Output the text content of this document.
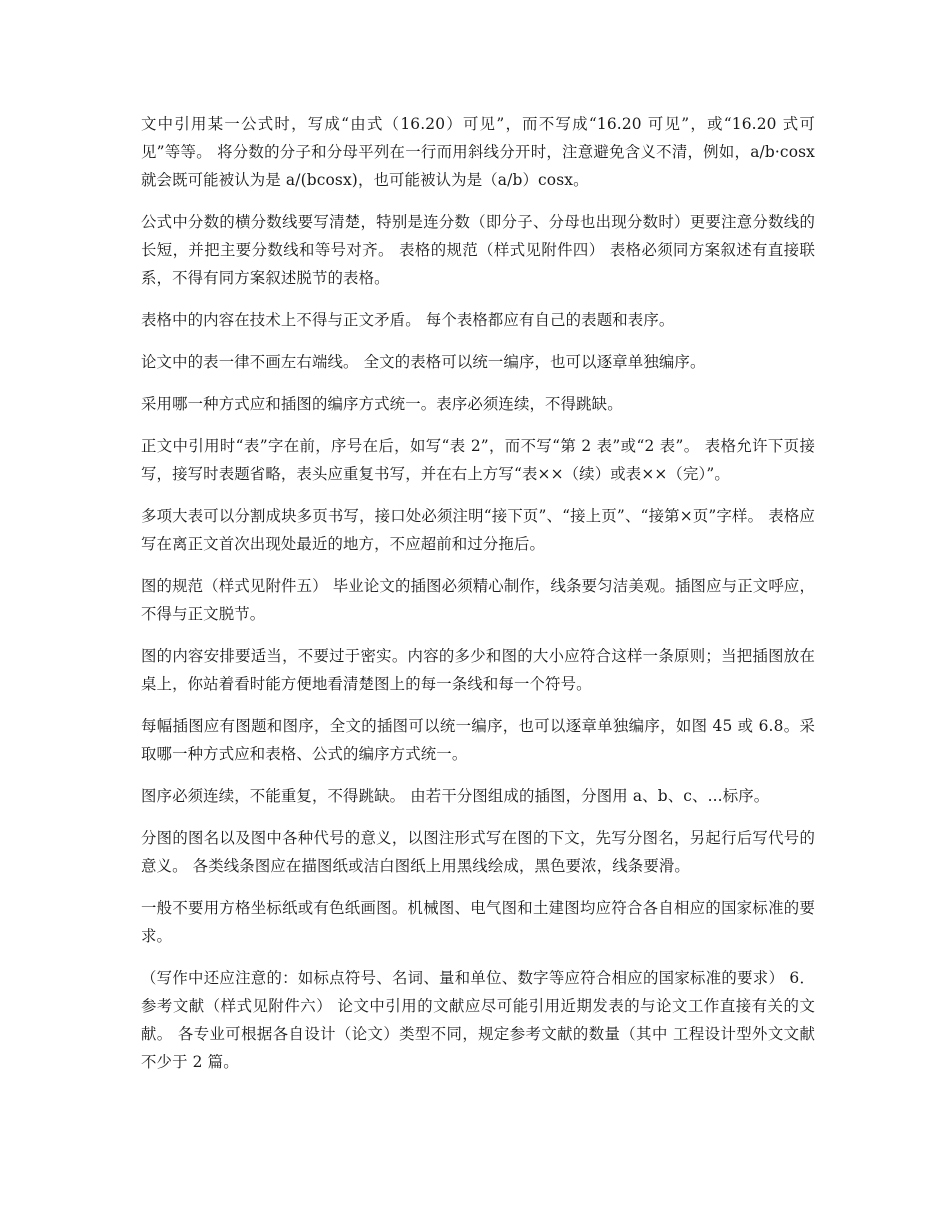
文中引用某一公式时，写成“由式（16.20）可见”，而不写成“16.20 可见”，或“16.20 式可见”等等。 将分数的分子和分母平列在一行而用斜线分开时，注意避免含义不清，例如，a/b·cosx 就会既可能被认为是 a/(bcosx)，也可能被认为是（a/b）cosx。

公式中分数的横分数线要写清楚，特别是连分数（即分子、分母也出现分数时）更要注意分数线的长短，并把主要分数线和等号对齐。 表格的规范（样式见附件四） 表格必须同方案叙述有直接联系，不得有同方案叙述脱节的表格。

表格中的内容在技术上不得与正文矛盾。 每个表格都应有自己的表题和表序。

论文中的表一律不画左右端线。 全文的表格可以统一编序，也可以逐章单独编序。

采用哪一种方式应和插图的编序方式统一。表序必须连续，不得跳缺。

正文中引用时“表”字在前，序号在后，如写“表 2”，而不写“第 2 表”或“2 表”。 表格允许下页接写，接写时表题省略，表头应重复书写，并在右上方写“表××（续）或表××（完）”。

多项大表可以分割成块多页书写，接口处必须注明“接下页”、“接上页”、“接第×页”字样。 表格应写在离正文首次出现处最近的地方，不应超前和过分拖后。

图的规范（样式见附件五） 毕业论文的插图必须精心制作，线条要匀洁美观。插图应与正文呼应，不得与正文脱节。

图的内容安排要适当，不要过于密实。内容的多少和图的大小应符合这样一条原则；当把插图放在桌上，你站着看时能方便地看清楚图上的每一条线和每一个符号。

每幅插图应有图题和图序，全文的插图可以统一编序，也可以逐章单独编序，如图 45 或 6.8。采取哪一种方式应和表格、公式的编序方式统一。

图序必须连续，不能重复，不得跳缺。 由若干分图组成的插图，分图用 a、b、c、...标序。

分图的图名以及图中各种代号的意义，以图注形式写在图的下文，先写分图名，另起行后写代号的意义。 各类线条图应在描图纸或洁白图纸上用黑线绘成，黑色要浓，线条要滑。

一般不要用方格坐标纸或有色纸画图。机械图、电气图和土建图均应符合各自相应的国家标准的要求。

（写作中还应注意的：如标点符号、名词、量和单位、数字等应符合相应的国家标准的要求） 6．参考文献（样式见附件六） 论文中引用的文献应尽可能引用近期发表的与论文工作直接有关的文献。 各专业可根据各自设计（论文）类型不同，规定参考文献的数量（其中 工程设计型外文文献不少于 2 篇。
